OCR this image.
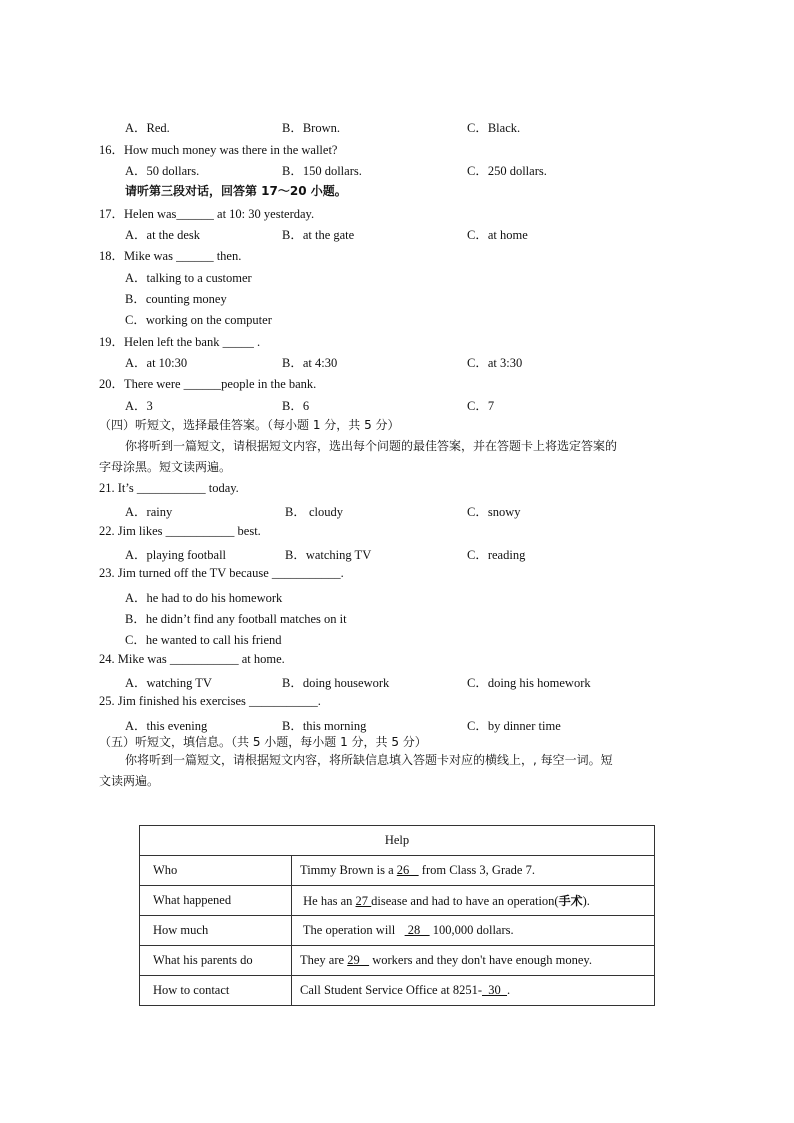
A．Red.	B．Brown.	C．Black.
16．How much money was there in the wallet?
A．50 dollars.	B．150 dollars.	C．250 dollars.
请听第三段对话，回答第 17～20 小题。
17．Helen was______ at 10: 30 yesterday.
A．at the desk	B．at the gate	C．at home
18．Mike was ______ then.
A．talking to a customer
B．counting money
C．working on the computer
19．Helen left the bank _____ .
A．at 10:30	B．at 4:30	C．at 3:30
20．There were ______people in the bank.
A．3	B．6	C．7
（四）听短文，选择最佳答案。（每小题 1 分，共 5 分）
你将听到一篇短文，请根据短文内容，选出每个问题的最佳答案，并在答题卡上将选定答案的
字母涂黑。短文读两遍。
21. It’s ___________ today.
A．rainy	B． cloudy	C．snowy
22. Jim likes ___________ best.
A．playing football	B．watching TV	C．reading
23. Jim turned off the TV because ___________.
A．he had to do his homework
B．he didn’t find any football matches on it
C．he wanted to call his friend
24. Mike was ___________ at home.
A．watching TV	B．doing housework	C．doing his homework
25. Jim finished his exercises ___________.
A．this evening	B．this morning	C．by dinner time
（五）听短文，填信息。（共 5 小题，每小题 1 分，共 5 分）
你将听到一篇短文，请根据短文内容，将所缺信息填入答题卡对应的横线上，, 每空一词。短
文读两遍。
Help	
Who	Timmy Brown is a 26    from Class 3, Grade 7.
What happened	He has an 27 disease and had to have an operation(手术).
How much	The operation will    28    100,000 dollars.
What his parents do	They are 29    workers and they don't have enough money.
How to contact	Call Student Service Office at 8251-  30  .
